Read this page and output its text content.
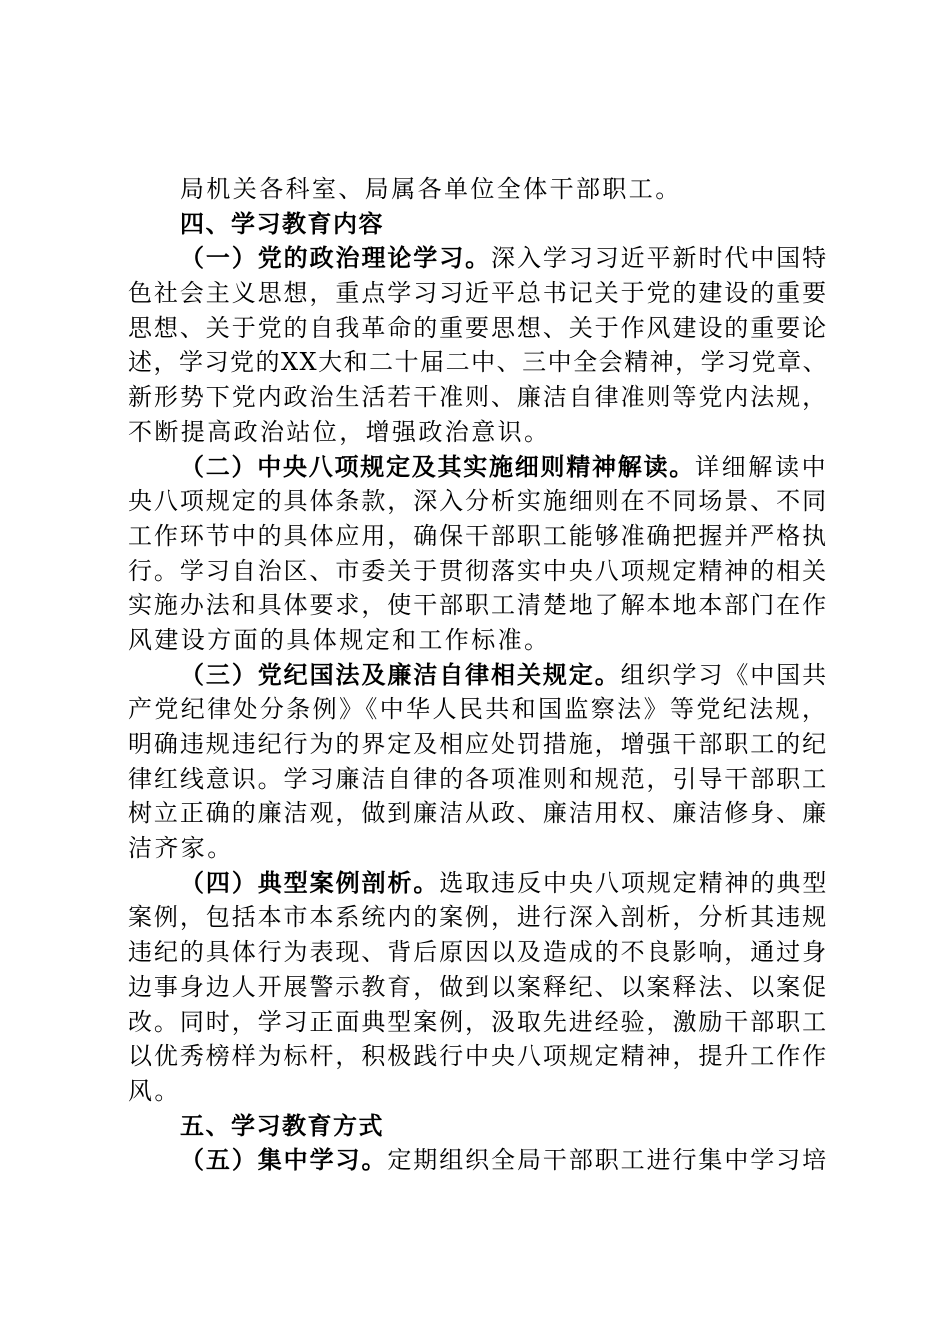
局机关各科室、局属各单位全体干部职工。
四、学习教育内容
（一）党的政治理论学习。深入学习习近平新时代中国特
色社会主义思想，重点学习习近平总书记关于党的建设的重要
思想、关于党的自我革命的重要思想、关于作风建设的重要论
述，学习党的XX大和二十届二中、三中全会精神，学习党章、
新形势下党内政治生活若干准则、廉洁自律准则等党内法规，
不断提高政治站位，增强政治意识。
（二）中央八项规定及其实施细则精神解读。详细解读中
央八项规定的具体条款，深入分析实施细则在不同场景、不同
工作环节中的具体应用，确保干部职工能够准确把握并严格执
行。学习自治区、市委关于贯彻落实中央八项规定精神的相关
实施办法和具体要求，使干部职工清楚地了解本地本部门在作
风建设方面的具体规定和工作标准。
（三）党纪国法及廉洁自律相关规定。组织学习《中国共
产党纪律处分条例》《中华人民共和国监察法》等党纪法规，
明确违规违纪行为的界定及相应处罚措施，增强干部职工的纪
律红线意识。学习廉洁自律的各项准则和规范，引导干部职工
树立正确的廉洁观，做到廉洁从政、廉洁用权、廉洁修身、廉
洁齐家。
（四）典型案例剖析。选取违反中央八项规定精神的典型
案例，包括本市本系统内的案例，进行深入剖析，分析其违规
违纪的具体行为表现、背后原因以及造成的不良影响，通过身
边事身边人开展警示教育，做到以案释纪、以案释法、以案促
改。同时，学习正面典型案例，汲取先进经验，激励干部职工
以优秀榜样为标杆，积极践行中央八项规定精神，提升工作作
风。
五、学习教育方式
（五）集中学习。定期组织全局干部职工进行集中学习培
